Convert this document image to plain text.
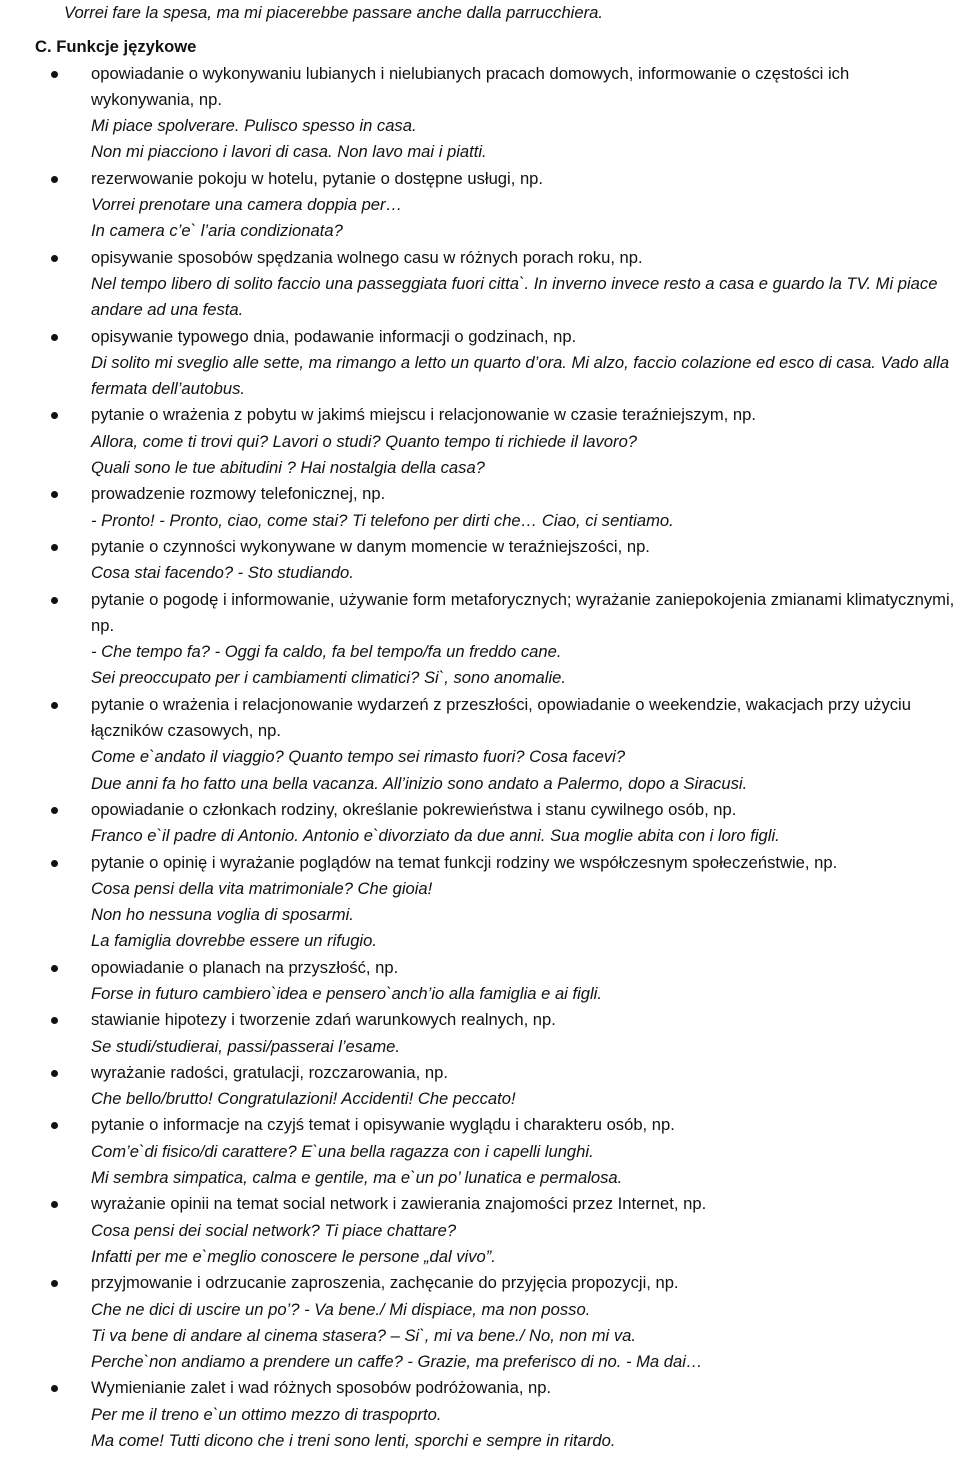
Vorrei fare la spesa, ma mi piacerebbe passare anche dalla parrucchiera.

C. Funkcje językowe

opowiadanie o wykonywaniu lubianych i nielubianych pracach domowych, informowanie o częstości ich wykonywania, np.
Mi piace spolverare. Pulisco spesso in casa.
Non mi piacciono i lavori di casa. Non lavo mai i piatti.
rezerwowanie pokoju w hotelu, pytanie o dostępne usługi, np.
Vorrei prenotare una camera doppia per…
In camera c’e` l’aria condizionata?
opisywanie sposobów spędzania wolnego casu w różnych porach roku, np.
Nel tempo libero di solito faccio una passeggiata fuori citta`. In inverno invece resto a casa e guardo la TV. Mi piace andare ad una festa.
opisywanie typowego dnia, podawanie informacji o godzinach, np.
Di solito mi sveglio alle sette, ma rimango a letto un quarto d’ora. Mi alzo, faccio colazione ed esco di casa. Vado alla fermata dell’autobus.
pytanie o wrażenia z pobytu w jakimś miejscu i relacjonowanie w czasie teraźniejszym, np.
Allora, come ti trovi qui? Lavori o studi? Quanto tempo ti richiede il lavoro?
Quali sono le tue abitudini ? Hai nostalgia della casa?
prowadzenie rozmowy telefonicznej, np.
- Pronto! - Pronto, ciao, come stai? Ti telefono per dirti che… Ciao, ci sentiamo.
pytanie o czynności wykonywane w danym momencie w teraźniejszości, np.
Cosa stai facendo? - Sto studiando.
pytanie o pogodę i informowanie, używanie form metaforycznych; wyrażanie zaniepokojenia zmianami klimatycznymi, np.
- Che tempo fa? - Oggi fa caldo, fa bel tempo/fa un freddo cane.
Sei preoccupato per i cambiamenti climatici? Si`, sono anomalie.
pytanie o wrażenia i relacjonowanie wydarzeń z przeszłości, opowiadanie o weekendzie, wakacjach przy użyciu łączników czasowych, np.
Come e`andato il viaggio? Quanto tempo sei rimasto fuori? Cosa facevi?
Due anni fa ho fatto una bella vacanza. All’inizio sono andato a Palermo, dopo a Siracusi.
opowiadanie o członkach rodziny, określanie pokrewieństwa i stanu cywilnego osób, np.
Franco e`il padre di Antonio. Antonio e`divorziato da due anni. Sua moglie abita con i loro figli.
pytanie o opinię i wyrażanie poglądów na temat funkcji rodziny we współczesnym społeczeństwie, np.
Cosa pensi della vita matrimoniale? Che gioia!
Non ho nessuna voglia di sposarmi.
La famiglia dovrebbe essere un rifugio.
opowiadanie o planach na przyszłość, np.
Forse in futuro cambiero`idea e pensero`anch’io alla famiglia e ai figli.
stawianie hipotezy i tworzenie zdań warunkowych realnych, np.
Se studi/studierai, passi/passerai l’esame.
wyrażanie radości, gratulacji, rozczarowania, np.
Che bello/brutto! Congratulazioni! Accidenti! Che peccato!
pytanie o informacje na czyjś temat i opisywanie wyglądu i charakteru osób, np.
Com’e`di fisico/di carattere? E`una bella ragazza con i capelli lunghi.
Mi sembra simpatica, calma e gentile, ma e`un po’ lunatica e permalosa.
wyrażanie opinii na temat social network i zawierania znajomości przez Internet, np.
Cosa pensi dei social network? Ti piace chattare?
Infatti per me e`meglio conoscere le persone „dal vivo”.
przyjmowanie i odrzucanie zaproszenia, zachęcanie do przyjęcia propozycji, np.
Che ne dici di uscire un po’? - Va bene./ Mi dispiace, ma non posso.
Ti va bene di andare al cinema stasera? – Si`, mi va bene./ No, non mi va.
Perche`non andiamo a prendere un caffe? - Grazie, ma preferisco di no. - Ma dai…
Wymienianie zalet i wad różnych sposobów podróżowania, np.
Per me il treno e`un ottimo mezzo di traspoprto.
Ma come! Tutti dicono che i treni sono lenti, sporchi e sempre in ritardo.
